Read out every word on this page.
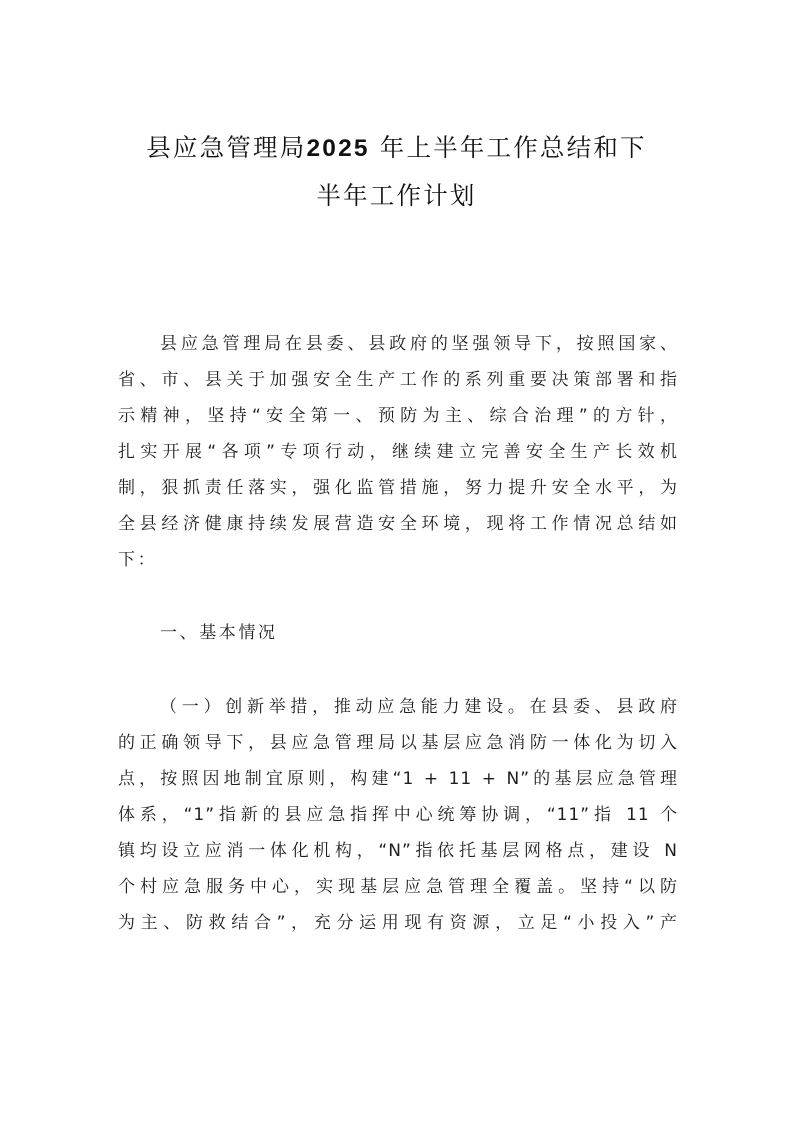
县应急管理局2025 年上半年工作总结和下
半年工作计划

县应急管理局在县委、县政府的坚强领导下，按照国家、

省、市、县关于加强安全生产工作的系列重要决策部署和指

示精神，坚持“安全第一、预防为主、综合治理”的方针，

扎实开展“各项”专项行动，继续建立完善安全生产长效机

制，狠抓责任落实，强化监管措施，努力提升安全水平，为

全县经济健康持续发展营造安全环境，现将工作情况总结如

下：

一、基本情况

（一）创新举措，推动应急能力建设。在县委、县政府

的正确领导下，县应急管理局以基层应急消防一体化为切入

点，按照因地制宜原则，构建“1 + 11 + N”的基层应急管理

体系，“1”指新的县应急指挥中心统筹协调，“11”指 11 个

镇均设立应消一体化机构，“N”指依托基层网格点，建设 N

个村应急服务中心，实现基层应急管理全覆盖。坚持“以防

为主、防救结合”，充分运用现有资源，立足“小投入”产
